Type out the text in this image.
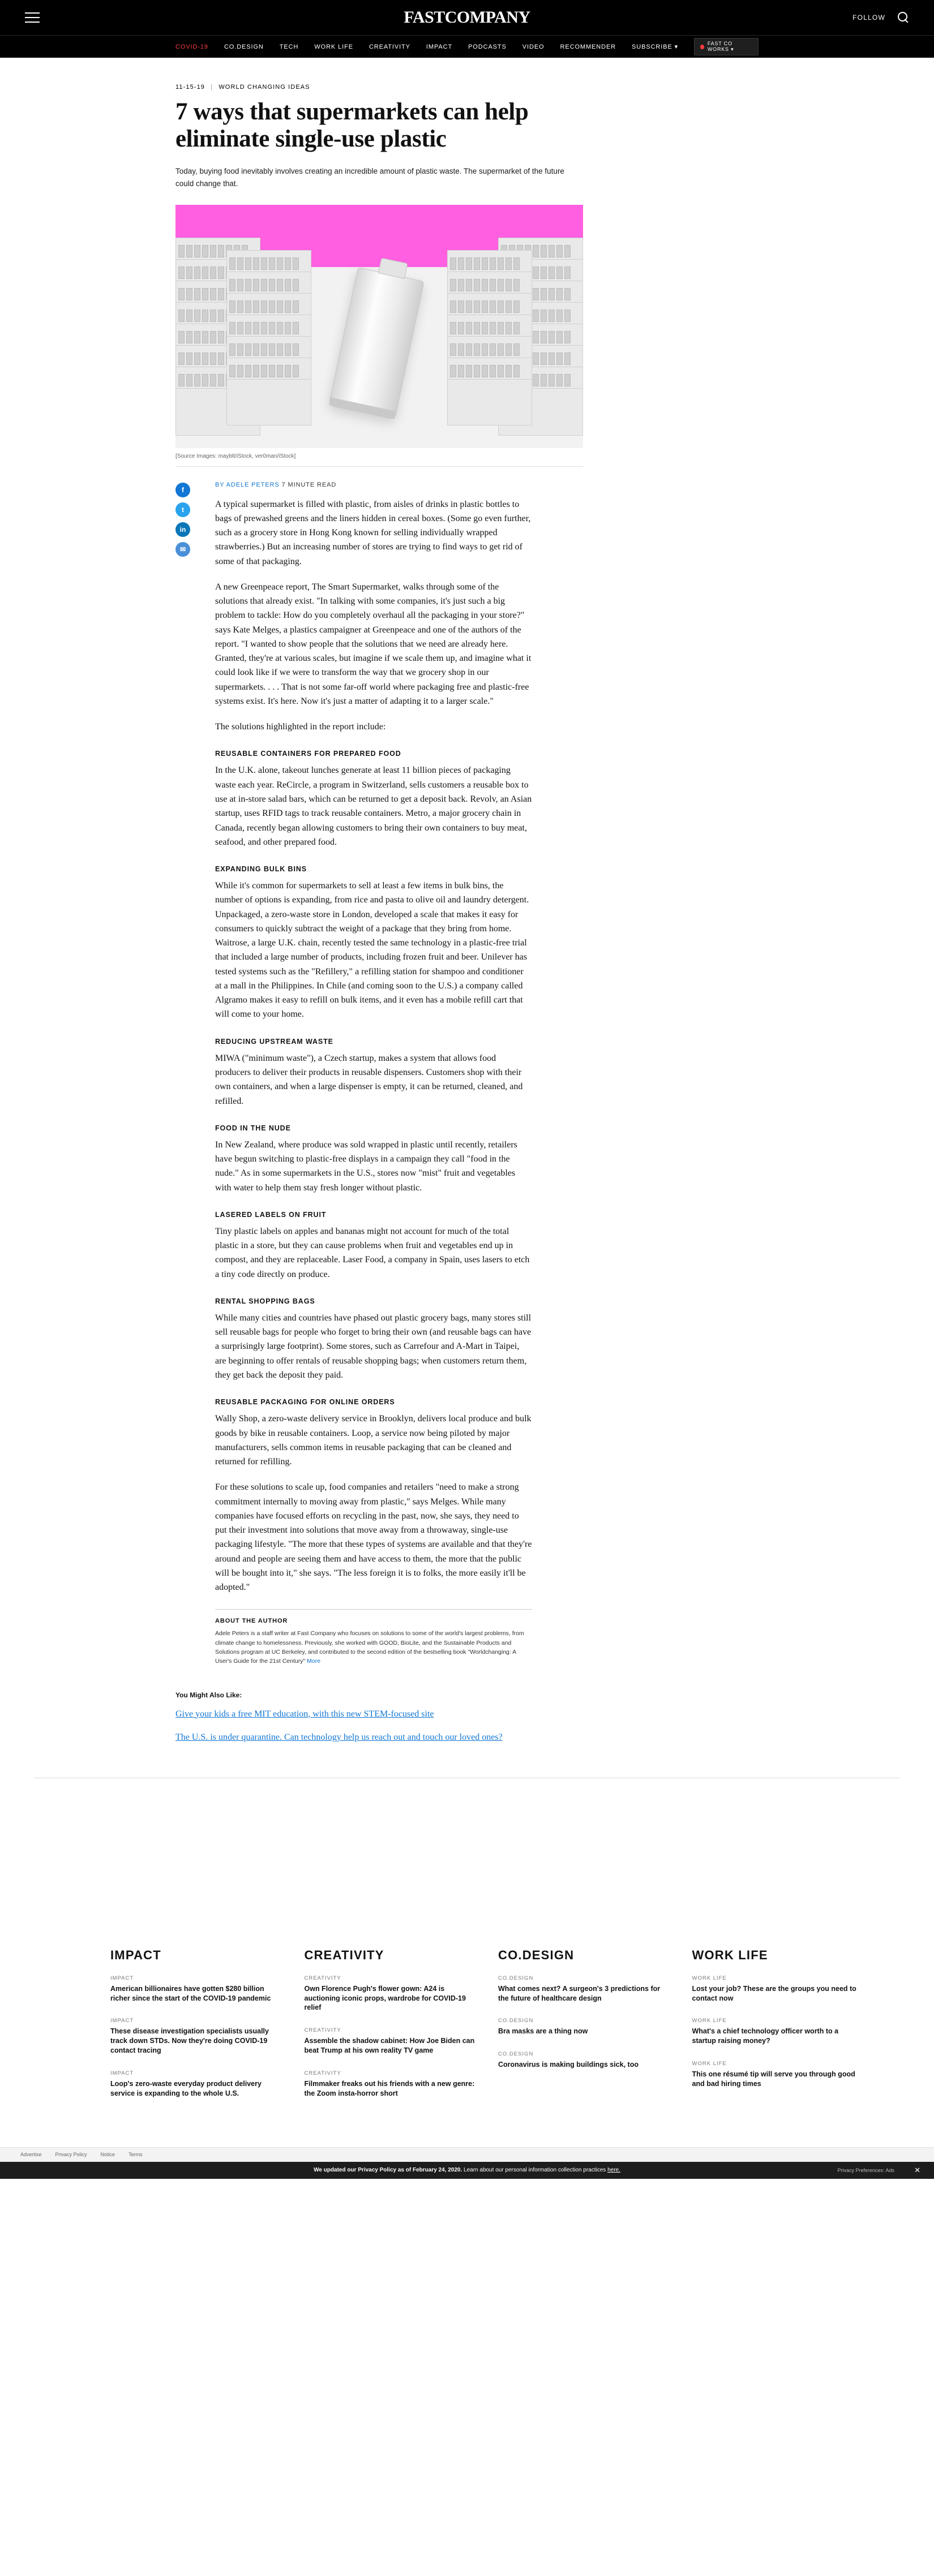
FASTCOMPANY	FOLLOW
COVID-19	CO.DESIGN	TECH	WORK LIFE	CREATIVITY	IMPACT	PODCASTS	VIDEO	RECOMMENDER	SUBSCRIBE ▾	FAST CO WORKS ▾
11-15-19 | WORLD CHANGING IDEAS
7 ways that supermarkets can help eliminate single-use plastic
Today, buying food inevitably involves creating an incredible amount of plastic waste. The supermarket of the future could change that.
[Source Images: mayblt/iStock, ver0man/iStock]
f
t
in
✉
BY ADELE PETERS 7 MINUTE READ

A typical supermarket is filled with plastic, from aisles of drinks in plastic bottles to bags of prewashed greens and the liners hidden in cereal boxes. (Some go even further, such as a grocery store in Hong Kong known for selling individually wrapped strawberries.) But an increasing number of stores are trying to find ways to get rid of some of that packaging.

A new Greenpeace report, The Smart Supermarket, walks through some of the solutions that already exist. "In talking with some companies, it's just such a big problem to tackle: How do you completely overhaul all the packaging in your store?" says Kate Melges, a plastics campaigner at Greenpeace and one of the authors of the report. "I wanted to show people that the solutions that we need are already here. Granted, they're at various scales, but imagine if we scale them up, and imagine what it could look like if we were to transform the way that we grocery shop in our supermarkets. . . . That is not some far-off world where packaging free and plastic-free systems exist. It's here. Now it's just a matter of adapting it to a larger scale."

The solutions highlighted in the report include:

REUSABLE CONTAINERS FOR PREPARED FOOD

In the U.K. alone, takeout lunches generate at least 11 billion pieces of packaging waste each year. ReCircle, a program in Switzerland, sells customers a reusable box to use at in-store salad bars, which can be returned to get a deposit back. Revolv, an Asian startup, uses RFID tags to track reusable containers. Metro, a major grocery chain in Canada, recently began allowing customers to bring their own containers to buy meat, seafood, and other prepared food.

EXPANDING BULK BINS

While it's common for supermarkets to sell at least a few items in bulk bins, the number of options is expanding, from rice and pasta to olive oil and laundry detergent. Unpackaged, a zero-waste store in London, developed a scale that makes it easy for consumers to quickly subtract the weight of a package that they bring from home. Waitrose, a large U.K. chain, recently tested the same technology in a plastic-free trial that included a large number of products, including frozen fruit and beer. Unilever has tested systems such as the "Refillery," a refilling station for shampoo and conditioner at a mall in the Philippines. In Chile (and coming soon to the U.S.) a company called Algramo makes it easy to refill on bulk items, and it even has a mobile refill cart that will come to your home.

REDUCING UPSTREAM WASTE

MIWA ("minimum waste"), a Czech startup, makes a system that allows food producers to deliver their products in reusable dispensers. Customers shop with their own containers, and when a large dispenser is empty, it can be returned, cleaned, and refilled.

FOOD IN THE NUDE

In New Zealand, where produce was sold wrapped in plastic until recently, retailers have begun switching to plastic-free displays in a campaign they call "food in the nude." As in some supermarkets in the U.S., stores now "mist" fruit and vegetables with water to help them stay fresh longer without plastic.

LASERED LABELS ON FRUIT

Tiny plastic labels on apples and bananas might not account for much of the total plastic in a store, but they can cause problems when fruit and vegetables end up in compost, and they are replaceable. Laser Food, a company in Spain, uses lasers to etch a tiny code directly on produce.

RENTAL SHOPPING BAGS

While many cities and countries have phased out plastic grocery bags, many stores still sell reusable bags for people who forget to bring their own (and reusable bags can have a surprisingly large footprint). Some stores, such as Carrefour and A-Mart in Taipei, are beginning to offer rentals of reusable shopping bags; when customers return them, they get back the deposit they paid.

REUSABLE PACKAGING FOR ONLINE ORDERS

Wally Shop, a zero-waste delivery service in Brooklyn, delivers local produce and bulk goods by bike in reusable containers. Loop, a service now being piloted by major manufacturers, sells common items in reusable packaging that can be cleaned and returned for refilling.

For these solutions to scale up, food companies and retailers "need to make a strong commitment internally to moving away from plastic," says Melges. While many companies have focused efforts on recycling in the past, now, she says, they need to put their investment into solutions that move away from a throwaway, single-use packaging lifestyle. "The more that these types of systems are available and that they're around and people are seeing them and have access to them, the more that the public will be bought into it," she says. "The less foreign it is to folks, the more easily it'll be adopted."

ABOUT THE AUTHOR

Adele Peters is a staff writer at Fast Company who focuses on solutions to some of the world's largest problems, from climate change to homelessness. Previously, she worked with GOOD, BioLite, and the Sustainable Products and Solutions program at UC Berkeley, and contributed to the second edition of the bestselling book "Worldchanging: A User's Guide for the 21st Century" More

You Might Also Like:
Give your kids a free MIT education, with this new STEM-focused site
The U.S. is under quarantine. Can technology help us reach out and touch our loved ones?
IMPACT
IMPACT
American billionaires have gotten $280 billion richer since the start of the COVID-19 pandemic
IMPACT
These disease investigation specialists usually track down STDs. Now they're doing COVID-19 contact tracing
IMPACT
Loop's zero-waste everyday product delivery service is expanding to the whole U.S.
CREATIVITY
CREATIVITY
Own Florence Pugh's flower gown: A24 is auctioning iconic props, wardrobe for COVID-19 relief
CREATIVITY
Assemble the shadow cabinet: How Joe Biden can beat Trump at his own reality TV game
CREATIVITY
Filmmaker freaks out his friends with a new genre: the Zoom insta-horror short
CO.DESIGN
CO.DESIGN
What comes next? A surgeon's 3 predictions for the future of healthcare design
CO.DESIGN
Bra masks are a thing now
CO.DESIGN
Coronavirus is making buildings sick, too
WORK LIFE
WORK LIFE
Lost your job? These are the groups you need to contact now
WORK LIFE
What's a chief technology officer worth to a startup raising money?
WORK LIFE
This one résumé tip will serve you through good and bad hiring times
Advertise	Privacy Policy	Notice	Terms
We updated our Privacy Policy as of February 24, 2020. Learn about our personal information collection practices here.	Privacy Preferences: Ads	✕
